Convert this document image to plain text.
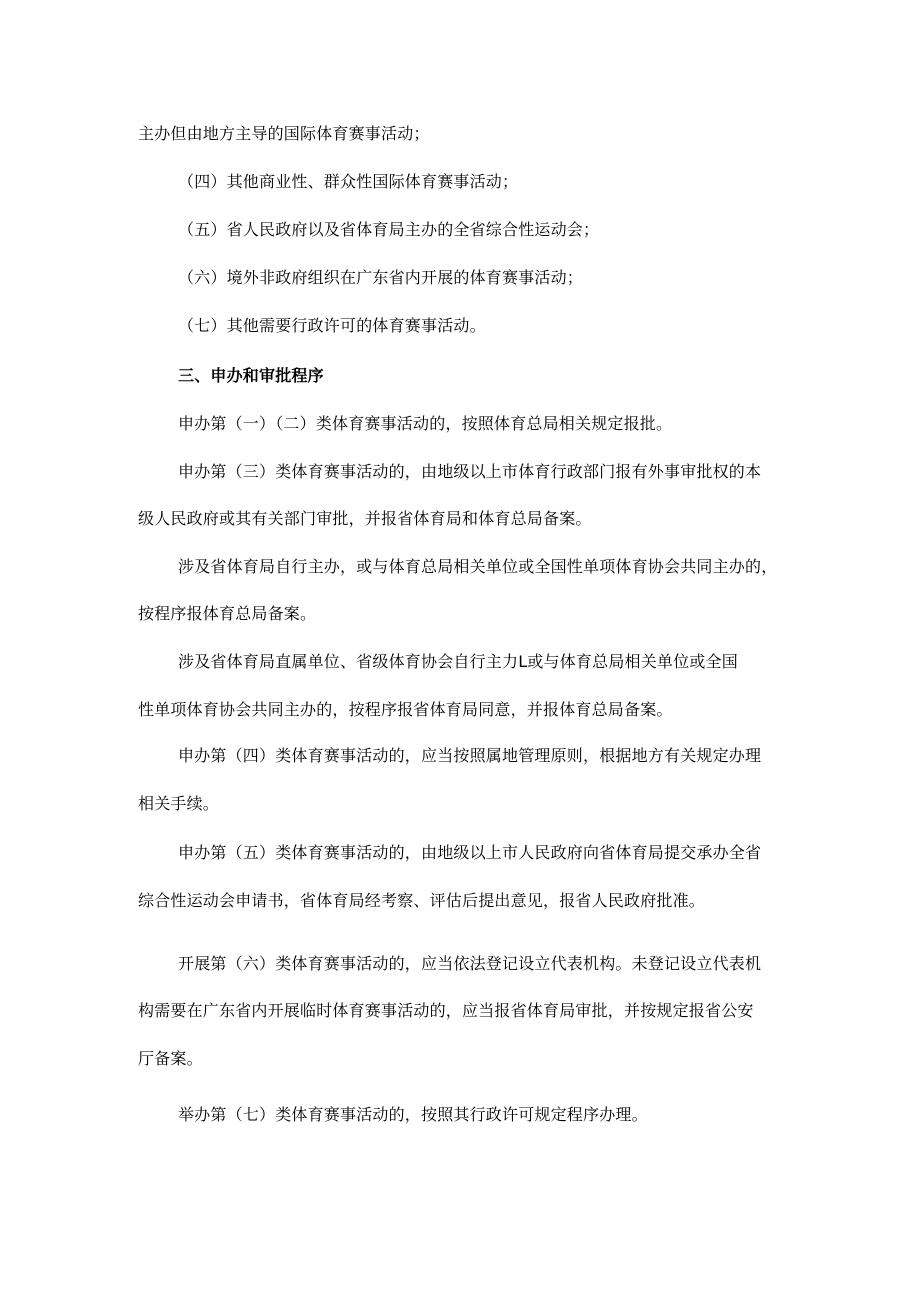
主办但由地方主导的国际体育赛事活动；
（四）其他商业性、群众性国际体育赛事活动；
（五）省人民政府以及省体育局主办的全省综合性运动会；
（六）境外非政府组织在广东省内开展的体育赛事活动；
（七）其他需要行政许可的体育赛事活动。
三、申办和审批程序
申办第（一）（二）类体育赛事活动的，按照体育总局相关规定报批。
申办第（三）类体育赛事活动的，由地级以上市体育行政部门报有外事审批权的本
级人民政府或其有关部门审批，并报省体育局和体育总局备案。
涉及省体育局自行主办，或与体育总局相关单位或全国性单项体育协会共同主办的，
按程序报体育总局备案。
涉及省体育局直属单位、省级体育协会自行主力L或与体育总局相关单位或全国
性单项体育协会共同主办的，按程序报省体育局同意，并报体育总局备案。
申办第（四）类体育赛事活动的，应当按照属地管理原则，根据地方有关规定办理
相关手续。
申办第（五）类体育赛事活动的，由地级以上市人民政府向省体育局提交承办全省
综合性运动会申请书，省体育局经考察、评估后提出意见，报省人民政府批准。
开展第（六）类体育赛事活动的，应当依法登记设立代表机构。未登记设立代表机
构需要在广东省内开展临时体育赛事活动的，应当报省体育局审批，并按规定报省公安
厅备案。
举办第（七）类体育赛事活动的，按照其行政许可规定程序办理。
